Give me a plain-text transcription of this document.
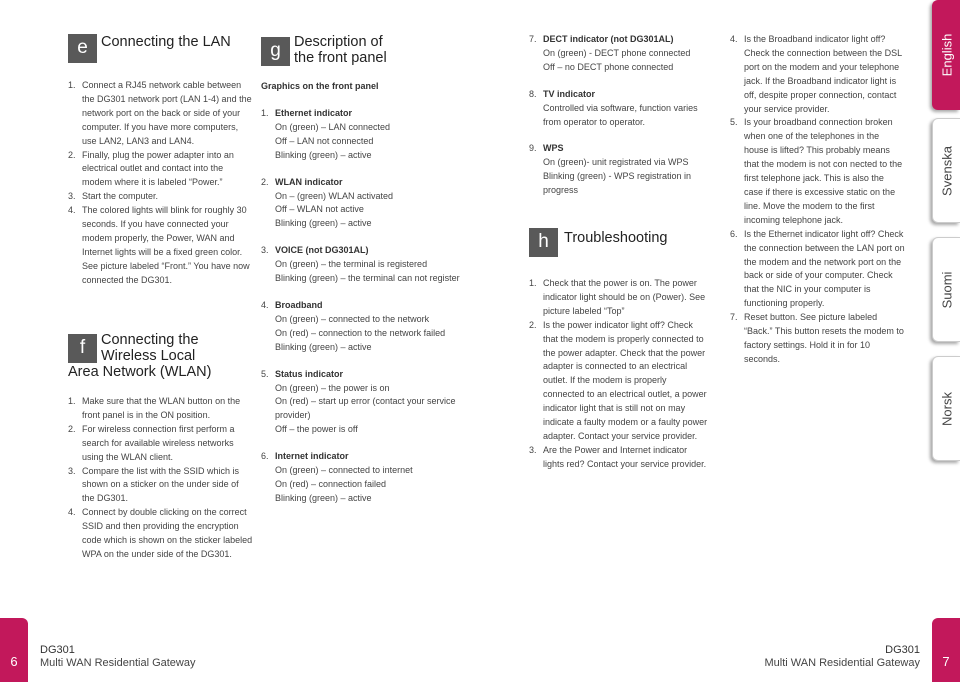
e Connecting the LAN
1. Connect a RJ45 network cable between the DG301 network port (LAN 1-4) and the network port on the back or side of your computer. If you have more computers, use LAN2, LAN3 and LAN4.
2. Finally, plug the power adapter into an electrical outlet and contact into the modem where it is labeled “Power.”
3. Start the computer.
4. The colored lights will blink for roughly 30 seconds. If you have connected your modem properly, the Power, WAN and Internet lights will be a fixed green color. See picture labeled “Front.” You have now connected the DG301.
f	Connecting the
Wireless Local
Area Network (WLAN)
1. Make sure that the WLAN button on the front panel is in the ON position.
2. For wireless connection first perform a search for available wireless networks using the WLAN client.
3. Compare the list with the SSID which is shown on a sticker on the under side of the DG301.
4. Connect by double clicking on the correct SSID and then providing the encryption code which is shown on the sticker labeled WPA on the under side of the DG301.
g Description of
the front panel
Graphics on the front panel
1. Ethernet indicator
On (green) – LAN connected
Off – LAN not connected
Blinking (green) – active
2. WLAN indicator
On – (green) WLAN activated
Off – WLAN not active
Blinking (green) – active
3. VOICE (not DG301AL)
On (green) – the terminal is registered
Blinking (green) – the terminal can not register
4. Broadband
On (green) – connected to the network
On (red) – connection to the network failed
Blinking (green) – active
5. Status indicator
On (green) – the power is on
On (red) – start up error (contact your service provider)
Off – the power is off
6. Internet indicator
On (green) – connected to internet
On (red) – connection failed
Blinking (green) – active
7. DECT indicator (not DG301AL)
On (green) - DECT phone connected
Off – no DECT phone connected
8. TV indicator
Controlled via software, function varies from operator to operator.
9. WPS
On (green)- unit registrated via WPS
Blinking (green) - WPS registration in progress
h	Troubleshooting
1. Check that the power is on. The power indicator light should be on (Power). See picture labeled “Top”
2. Is the power indicator light off? Check that the modem is properly connected to the power adapter. Check that the power adapter is connected to an electrical outlet. If the modem is properly connected to an electrical outlet, a power indicator light that is still not on may indicate a faulty modem or a faulty power adapter. Contact your service provider.
3. Are the Power and Internet indicator lights red? Contact your service provider.
4. Is the Broadband indicator light off? Check the connection between the DSL port on the modem and your telephone jack. If the Broadband indicator light is off, despite proper connection, contact your service provider.
5. Is your broadband connection broken when one of the telephones in the house is lifted? This probably means that the modem is not con nected to the first telephone jack. This is also the case if there is excessive static on the line. Move the modem to the first incoming telephone jack.
6. Is the Ethernet indicator light off? Check the connection between the LAN port on the modem and the network port on the back or side of your computer. Check that the NIC in your computer is functioning properly.
7. Reset button. See picture labeled “Back.” This button resets the modem to factory settings. Hold it in for 10 seconds.
English
Svenska
Suomi
Norsk
6
DG301
Multi WAN Residential Gateway
DG301
Multi WAN Residential Gateway	7
